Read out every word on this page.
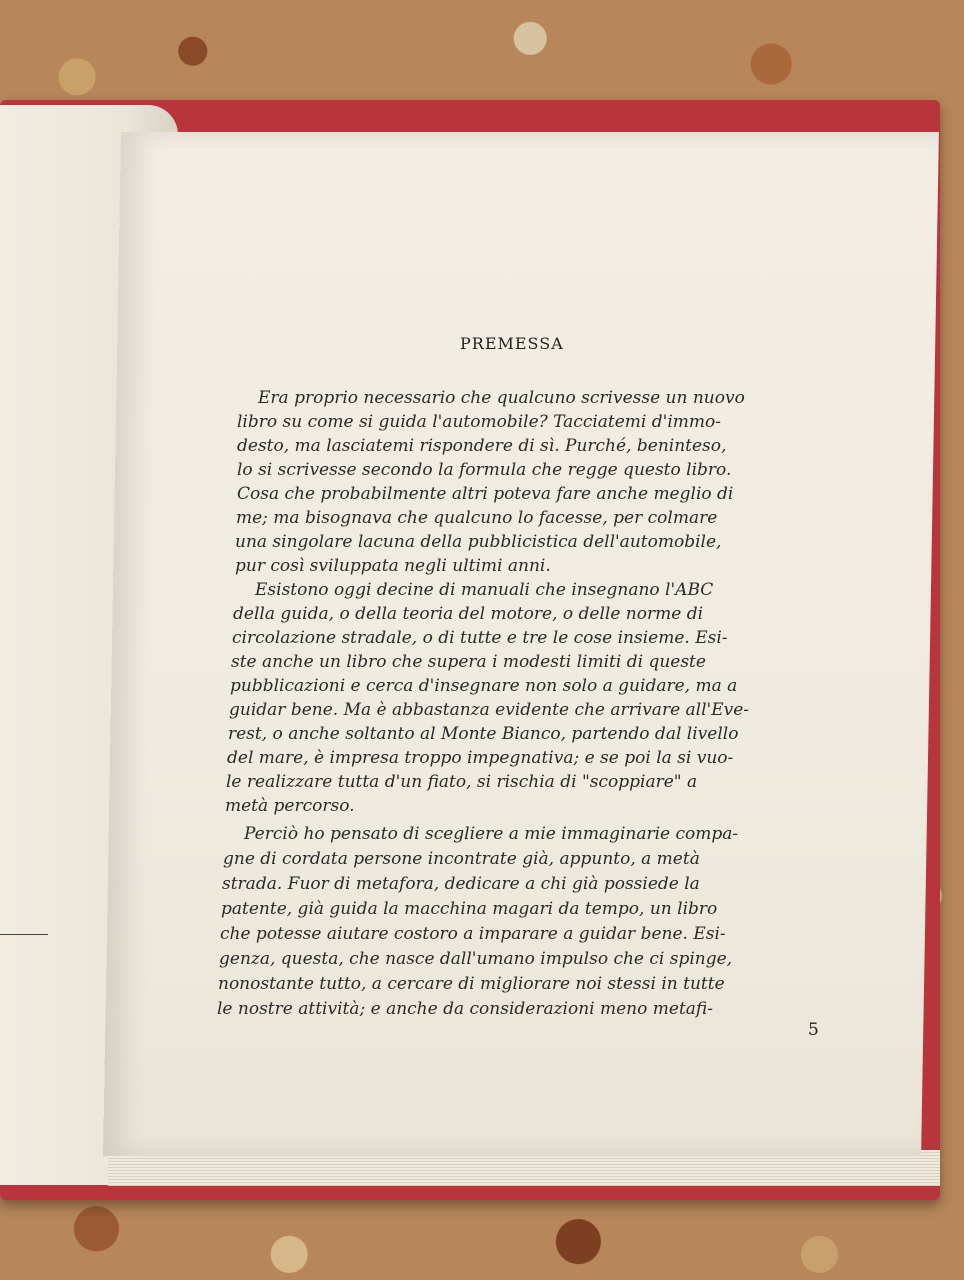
PREMESSA
Era proprio necessario che qualcuno scrivesse un nuovo
libro su come si guida l'automobile? Tacciatemi d'immo-
desto, ma lasciatemi rispondere di sì. Purché, beninteso,
lo si scrivesse secondo la formula che regge questo libro.
Cosa che probabilmente altri poteva fare anche meglio di
me; ma bisognava che qualcuno lo facesse, per colmare
una singolare lacuna della pubblicistica dell'automobile,
pur così sviluppata negli ultimi anni.
Esistono oggi decine di manuali che insegnano l'ABC
della guida, o della teoria del motore, o delle norme di
circolazione stradale, o di tutte e tre le cose insieme. Esi-
ste anche un libro che supera i modesti limiti di queste
pubblicazioni e cerca d'insegnare non solo a guidare, ma a
guidar bene. Ma è abbastanza evidente che arrivare all'Eve-
rest, o anche soltanto al Monte Bianco, partendo dal livello
del mare, è impresa troppo impegnativa; e se poi la si vuo-
le realizzare tutta d'un fiato, si rischia di "scoppiare" a
metà percorso.
Perciò ho pensato di scegliere a mie immaginarie compa-
gne di cordata persone incontrate già, appunto, a metà
strada. Fuor di metafora, dedicare a chi già possiede la
patente, già guida la macchina magari da tempo, un libro
che potesse aiutare costoro a imparare a guidar bene. Esi-
genza, questa, che nasce dall'umano impulso che ci spinge,
nonostante tutto, a cercare di migliorare noi stessi in tutte
le nostre attività; e anche da considerazioni meno metafi-
5
